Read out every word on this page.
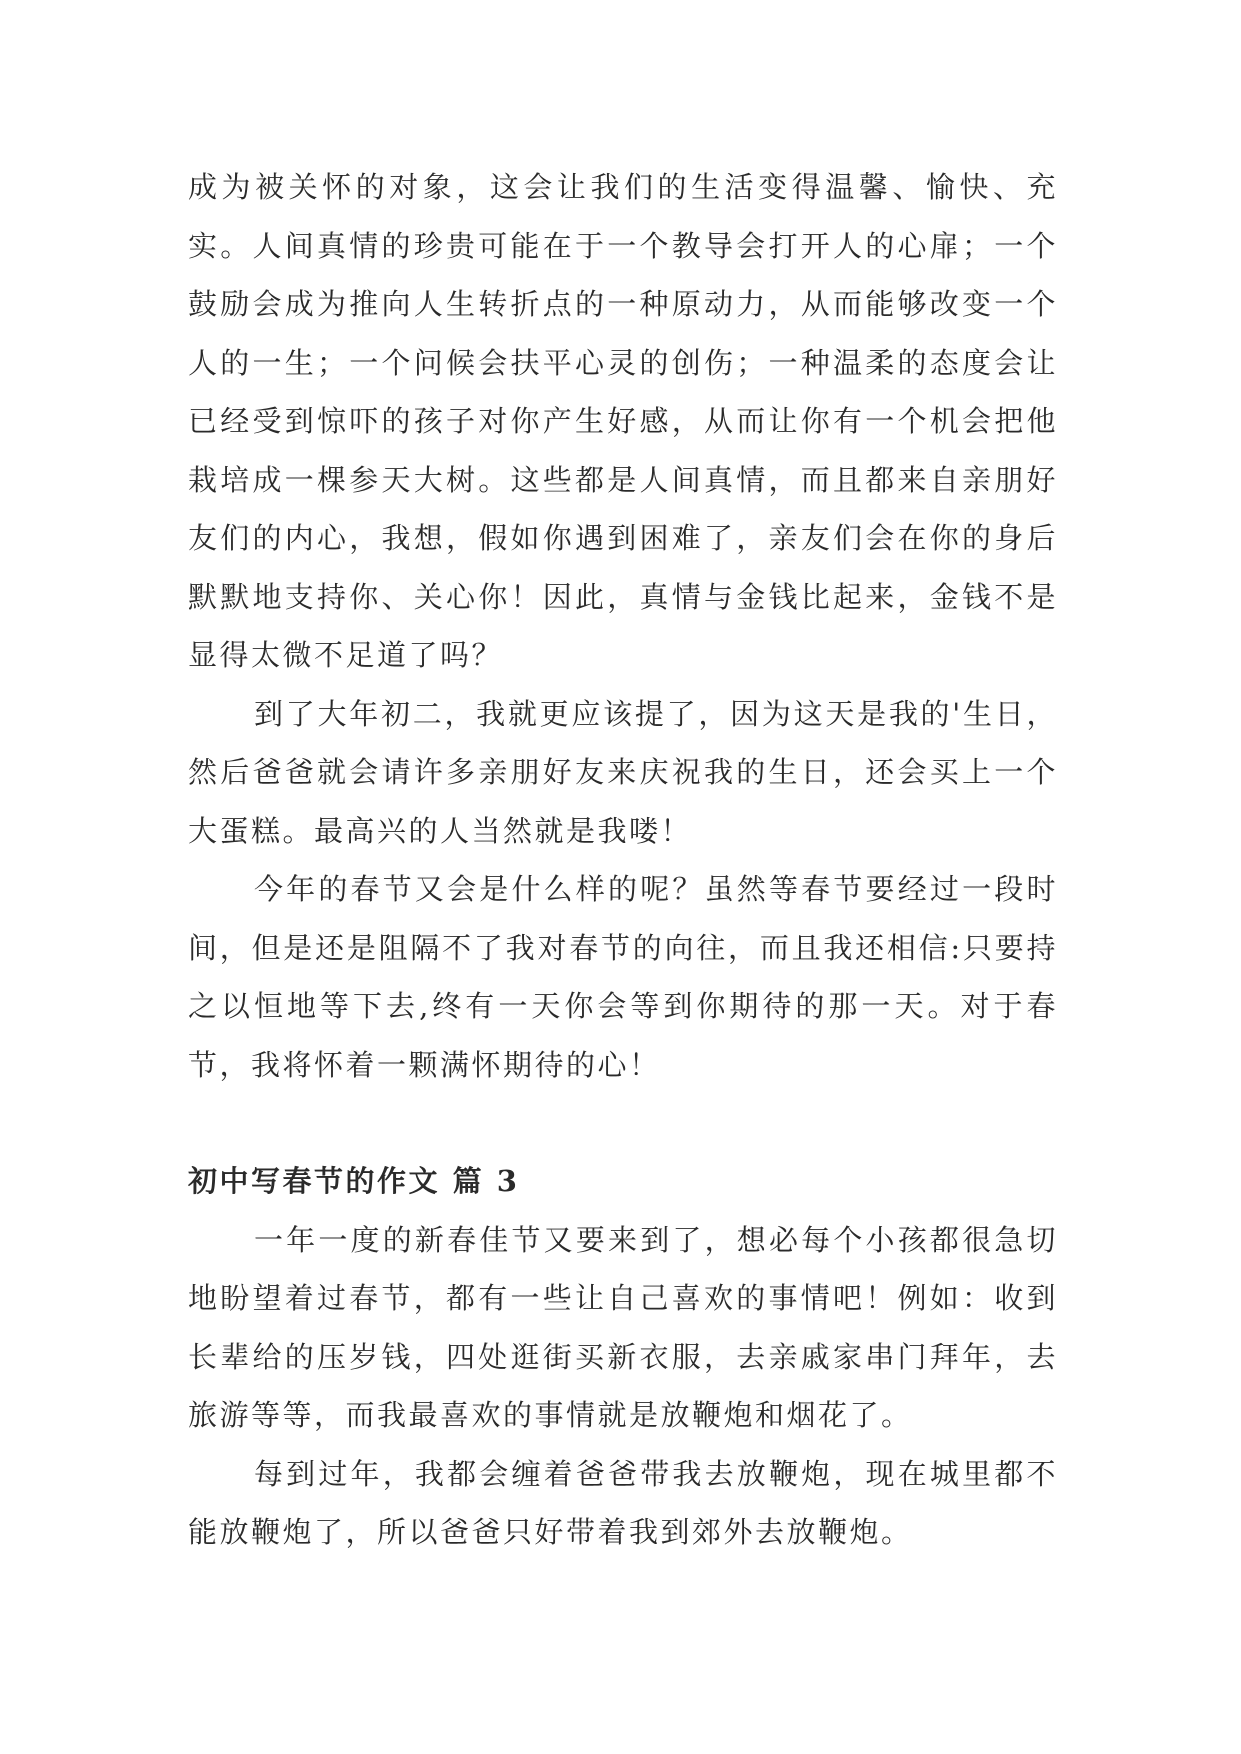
成为被关怀的对象，这会让我们的生活变得温馨、愉快、充实。人间真情的珍贵可能在于一个教导会打开人的心扉；一个鼓励会成为推向人生转折点的一种原动力，从而能够改变一个人的一生；一个问候会扶平心灵的创伤；一种温柔的态度会让已经受到惊吓的孩子对你产生好感，从而让你有一个机会把他栽培成一棵参天大树。这些都是人间真情，而且都来自亲朋好友们的内心，我想，假如你遇到困难了，亲友们会在你的身后默默地支持你、关心你！因此，真情与金钱比起来，金钱不是显得太微不足道了吗？

到了大年初二，我就更应该提了，因为这天是我的'生日，然后爸爸就会请许多亲朋好友来庆祝我的生日，还会买上一个大蛋糕。最高兴的人当然就是我喽！

今年的春节又会是什么样的呢？虽然等春节要经过一段时间，但是还是阻隔不了我对春节的向往，而且我还相信:只要持之以恒地等下去,终有一天你会等到你期待的那一天。对于春节，我将怀着一颗满怀期待的心！

初中写春节的作文 篇 3

一年一度的新春佳节又要来到了，想必每个小孩都很急切地盼望着过春节，都有一些让自己喜欢的事情吧！例如：收到长辈给的压岁钱，四处逛街买新衣服，去亲戚家串门拜年，去旅游等等，而我最喜欢的事情就是放鞭炮和烟花了。

每到过年，我都会缠着爸爸带我去放鞭炮，现在城里都不能放鞭炮了，所以爸爸只好带着我到郊外去放鞭炮。
